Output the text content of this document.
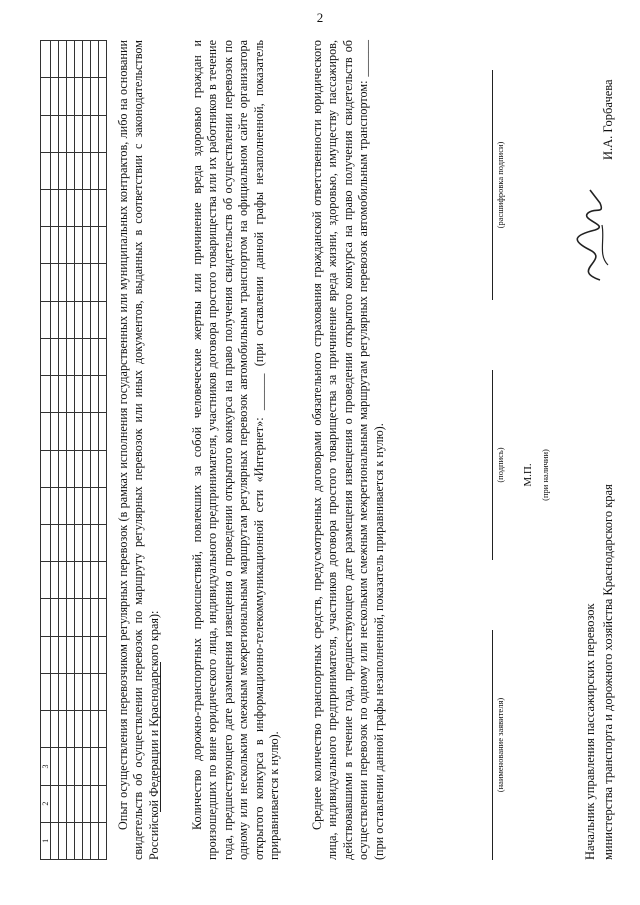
2
1	2	3																			

																						Опыт осуществления перевозчиком регулярных перевозок (в рамках исполнения государственных или муниципальных контрактов, либо на основании свидетельств об осуществлении перевозок по маршруту регулярных перевозок или иных документов, выданных в соответствии с законодательством Российской Федерации и Краснодарского края): Количество дорожно-транспортных происшествий, повлекших за собой человеческие жертвы или причинение вреда здоровью граждан и произошедших по вине юридического лица, индивидуального предпринимателя, участников договора простого товарищества или их работников в течение года, предшествующего дате размещения извещения о проведении открытого конкурса на право получения свидетельств об осуществлении перевозок по одному или нескольким смежным межрегиональным маршрутам регулярных перевозок автомобильным транспортом на официальном сайте организатора открытого конкурса в информационно-телекоммуникационной сети «Интернет»: ______ (при оставлении данной графы незаполненной, показатель приравнивается к нулю). Среднее количество транспортных средств, предусмотренных договорами обязательного страхования гражданской ответственности юридического лица, индивидуального предпринимателя, участников договора простого товарищества за причинение вреда жизни, здоровью, имуществу пассажиров, действовавшими в течение года, предшествующего дате размещения извещения о проведении открытого конкурса на право получения свидетельств об осуществлении перевозок по одному или нескольким смежным межрегиональным маршрутам регулярных перевозок автомобильным транспортом: ______ (при оставлении данной графы незаполненной, показатель приравнивается к нулю).	(наименование заявителя)
(подпись)
(расшифровка подписи)
М.П. (при наличии)
Начальник управления пассажирских перевозок министерства транспорта и дорожного хозяйства Краснодарского края
И.А. Горбачева
